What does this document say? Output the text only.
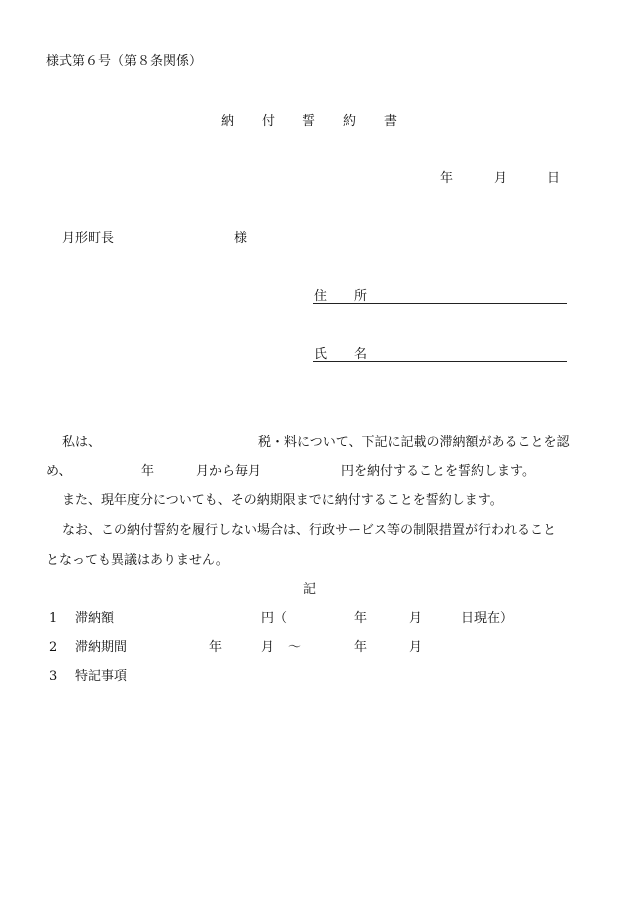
様式第６号（第８条関係）
納 付 誓 約 書
年	月	日
月形町長	様
住 所
氏 名
私は、	税・料について、下記に記載の滞納額があることを認
め、	年	月から毎月	円を納付することを誓約します。
また、現年度分についても、その納期限までに納付することを誓約します。
なお、この納付誓約を履行しない場合は、行政サービス等の制限措置が行われること
となっても異議はありません。
記
1 滞納額	円（	年	月	日現在）
2 滞納期間	年	月 ～	年	月
3 特記事項
